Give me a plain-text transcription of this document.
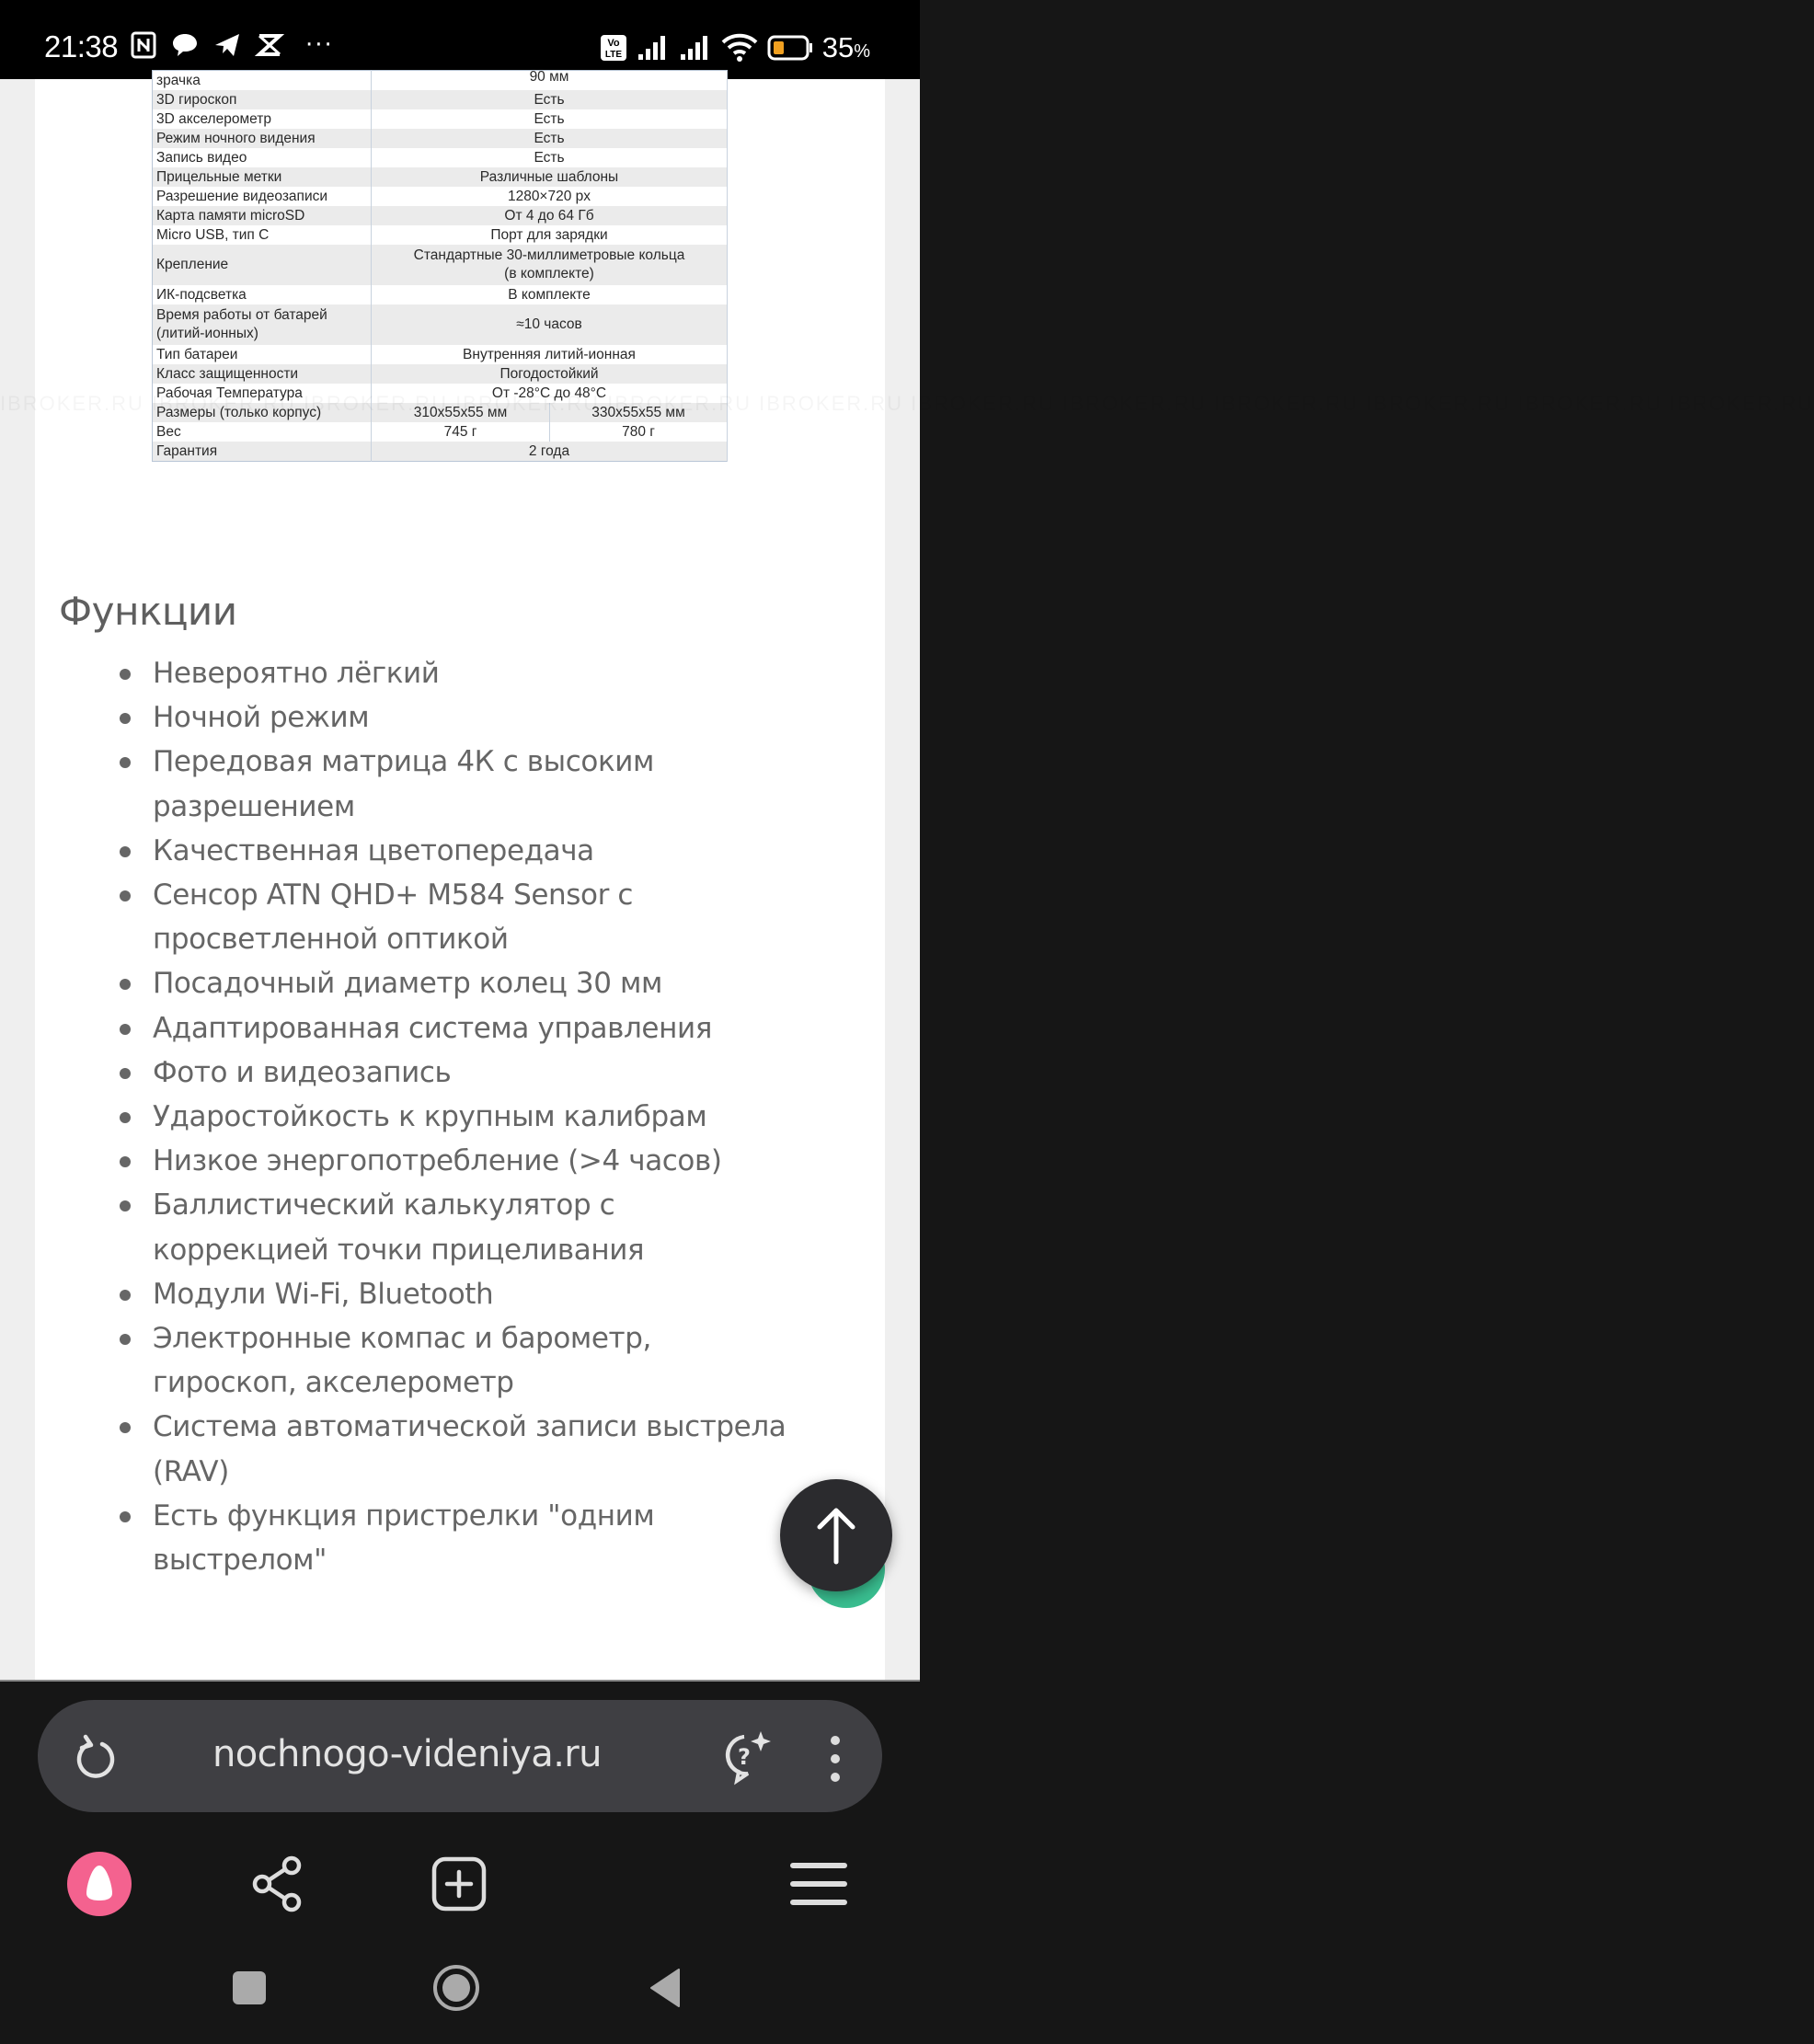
21:38	···	Vo
LTE	35%
зрачка	90 мм	
3D гироскоп	Есть	
3D акселерометр	Есть	
Режим ночного видения	Есть	
Запись видео	Есть	
Прицельные метки	Различные шаблоны	
Разрешение видеозаписи	1280×720 px	
Карта памяти microSD	От 4 до 64 Гб	
Micro USB, тип C	Порт для зарядки	
Крепление	Стандартные 30-миллиметровые кольца
(в комплекте)	

ИК-подсветка	В комплекте	

Время работы от батарей
(литий-ионных)	≈10 часов	
Тип батареи	Внутренняя литий-ионная	
Класс защищенности	Погодостойкий	
Рабочая Температура	От -28°C до 48°C	
Размеры (только корпус)	310x55x55 мм	330x55x55 мм
Вес	745 г	780 г
Гарантия	2 года	
Функции
Невероятно лёгкий
Ночной режим
Передовая матрица 4К с высоким разрешением
Качественная цветопередача
Сенсор ATN QHD+ M584 Sensor с просветленной оптикой
Посадочный диаметр колец 30 мм
Адаптированная система управления
Фото и видеозапись
Ударостойкость к крупным калибрам
Низкое энергопотребление (>4 часов)
Баллистический калькулятор с коррекцией точки прицеливания
Модули Wi-Fi, Bluetooth
Электронные компас и барометр, гироскоп, акселерометр
Система автоматической записи выстрела (RAV)
Есть функция пристрелки "одним выстрелом"
nochnogo-videniya.ru	?
